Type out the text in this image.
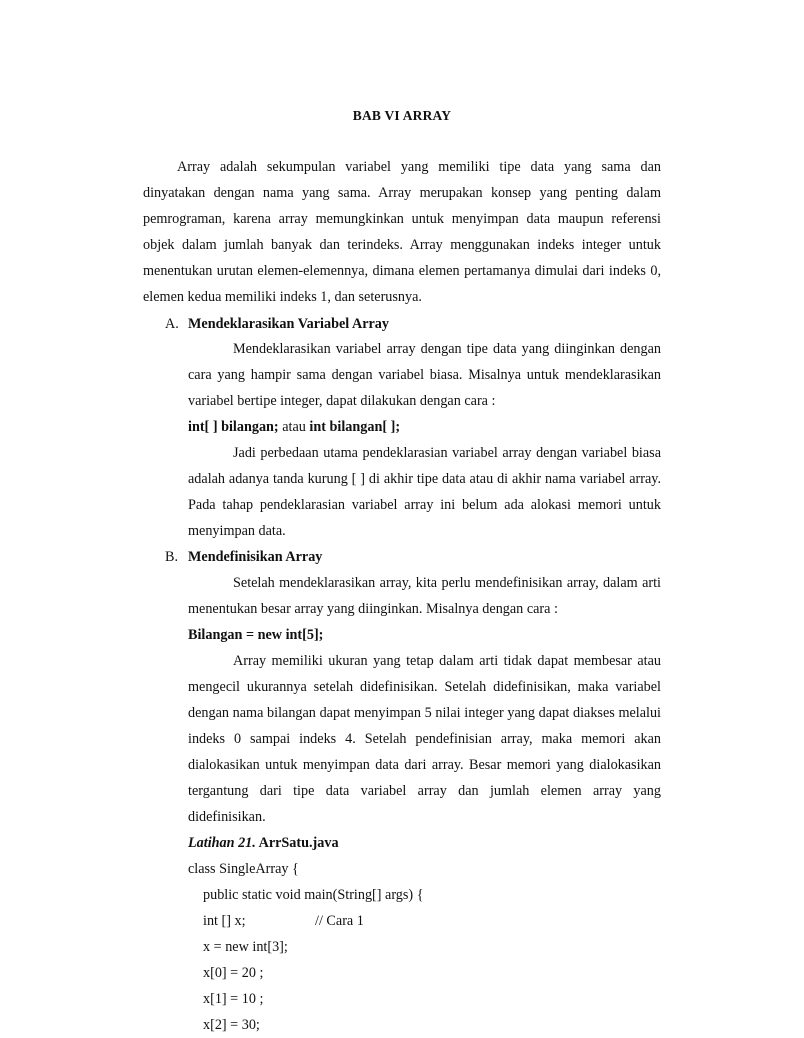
BAB VI ARRAY

Array adalah sekumpulan variabel yang memiliki tipe data yang sama dan dinyatakan dengan nama yang sama. Array merupakan konsep yang penting dalam pemrograman, karena array memungkinkan untuk menyimpan data maupun referensi objek dalam jumlah banyak dan terindeks. Array menggunakan indeks integer untuk menentukan urutan elemen-elemennya, dimana elemen pertamanya dimulai dari indeks 0, elemen kedua memiliki indeks 1, dan seterusnya.

A. Mendeklarasikan Variabel Array

Mendeklarasikan variabel array dengan tipe data yang diinginkan dengan cara yang hampir sama dengan variabel biasa. Misalnya untuk mendeklarasikan variabel bertipe integer, dapat dilakukan dengan cara :

int[ ] bilangan; atau int bilangan[ ];

Jadi perbedaan utama pendeklarasian variabel array dengan variabel biasa adalah adanya tanda kurung [ ] di akhir tipe data atau di akhir nama variabel array. Pada tahap pendeklarasian variabel array ini belum ada alokasi memori untuk menyimpan data.

B. Mendefinisikan Array

Setelah mendeklarasikan array, kita perlu mendefinisikan array, dalam arti menentukan besar array yang diinginkan. Misalnya dengan cara :

Bilangan = new int[5];

Array memiliki ukuran yang tetap dalam arti tidak dapat membesar atau mengecil ukurannya setelah didefinisikan. Setelah didefinisikan, maka variabel dengan nama bilangan dapat menyimpan 5 nilai integer yang dapat diakses melalui indeks 0 sampai indeks 4. Setelah pendefinisian array, maka memori akan dialokasikan untuk menyimpan data dari array. Besar memori yang dialokasikan tergantung dari tipe data variabel array dan jumlah elemen array yang didefinisikan.

Latihan 21. ArrSatu.java
class SingleArray {
public static void main(String[] args) {
int [] x;	// Cara 1
x = new int[3];
x[0] = 20 ;
x[1] = 10 ;
x[2] = 30;
